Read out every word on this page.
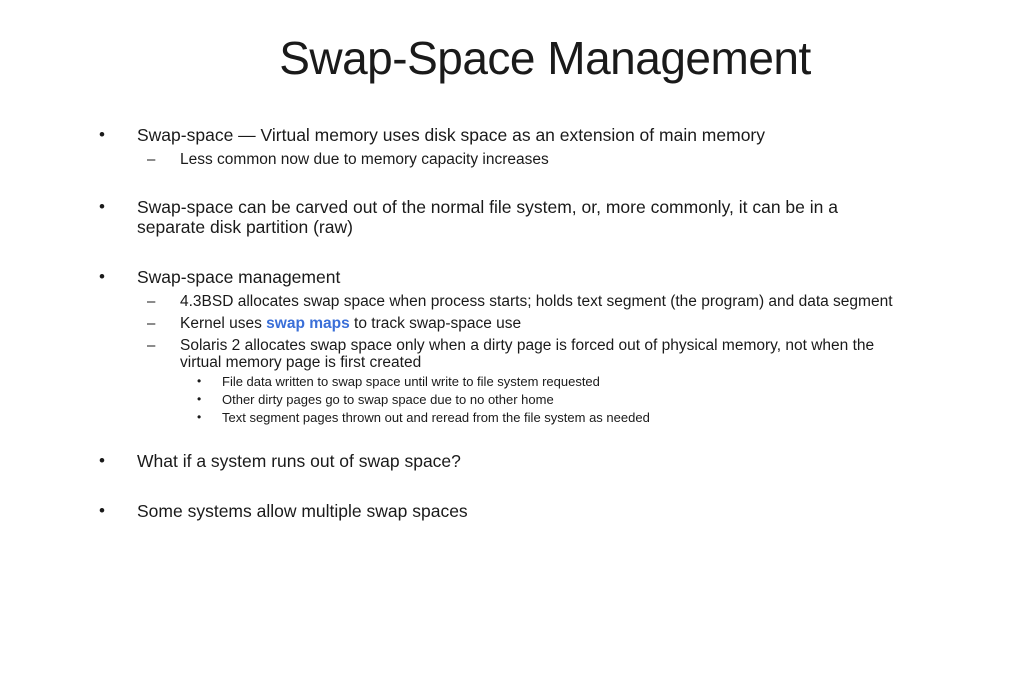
Swap-Space Management
• Swap-space — Virtual memory uses disk space as an extension of main memory
– Less common now due to memory capacity increases
• Swap-space can be carved out of the normal file system, or, more commonly, it can be in a
separate disk partition (raw)
• Swap-space management
– 4.3BSD allocates swap space when process starts; holds text segment (the program) and data segment
– Kernel uses swap maps to track swap-space use
– Solaris 2 allocates swap space only when a dirty page is forced out of physical memory, not when the
virtual memory page is first created
• File data written to swap space until write to file system requested
• Other dirty pages go to swap space due to no other home
• Text segment pages thrown out and reread from the file system as needed
• What if a system runs out of swap space?
• Some systems allow multiple swap spaces
